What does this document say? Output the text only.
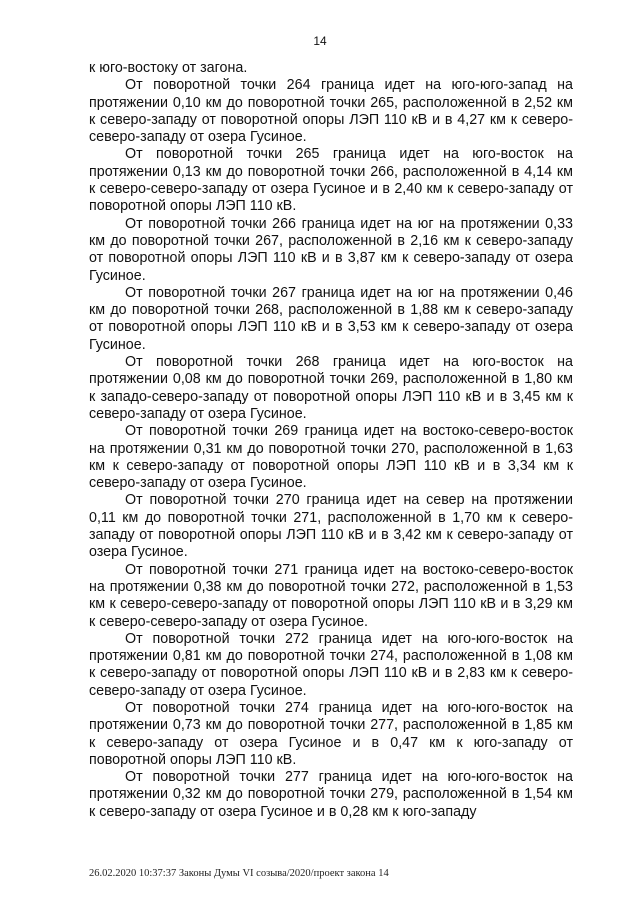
14

к юго-востоку от загона.

От поворотной точки 264 граница идет на юго-юго-запад на протяжении 0,10 км до поворотной точки 265, расположенной в 2,52 км к северо-западу от поворотной опоры ЛЭП 110 кВ и в 4,27 км к северо-северо-западу от озера Гусиное.

От поворотной точки 265 граница идет на юго-восток на протяжении 0,13 км до поворотной точки 266, расположенной в 4,14 км к северо-северо-западу от озера Гусиное и в 2,40 км к северо-западу от поворотной опоры ЛЭП 110 кВ.

От поворотной точки 266 граница идет на юг на протяжении 0,33 км до поворотной точки 267, расположенной в 2,16 км к северо-западу от поворотной опоры ЛЭП 110 кВ и в 3,87 км к северо-западу от озера Гусиное.

От поворотной точки 267 граница идет на юг на протяжении 0,46 км до поворотной точки 268, расположенной в 1,88 км к северо-западу от поворотной опоры ЛЭП 110 кВ и в 3,53 км к северо-западу от озера Гусиное.

От поворотной точки 268 граница идет на юго-восток на протяжении 0,08 км до поворотной точки 269, расположенной в 1,80 км к западо-северо-западу от поворотной опоры ЛЭП 110 кВ и в 3,45 км к северо-западу от озера Гусиное.

От поворотной точки 269 граница идет на востоко-северо-восток на протяжении 0,31 км до поворотной точки 270, расположенной в 1,63 км к северо-западу от поворотной опоры ЛЭП 110 кВ и в 3,34 км к северо-западу от озера Гусиное.

От поворотной точки 270 граница идет на север на протяжении 0,11 км до поворотной точки 271, расположенной в 1,70 км к северо-западу от поворотной опоры ЛЭП 110 кВ и в 3,42 км к северо-западу от озера Гусиное.

От поворотной точки 271 граница идет на востоко-северо-восток на протяжении 0,38 км до поворотной точки 272, расположенной в 1,53 км к северо-северо-западу от поворотной опоры ЛЭП 110 кВ и в 3,29 км к северо-северо-западу от озера Гусиное.

От поворотной точки 272 граница идет на юго-юго-восток на протяжении 0,81 км до поворотной точки 274, расположенной в 1,08 км к северо-западу от поворотной опоры ЛЭП 110 кВ и в 2,83 км к северо-северо-западу от озера Гусиное.

От поворотной точки 274 граница идет на юго-юго-восток на протяжении 0,73 км до поворотной точки 277, расположенной в 1,85 км к северо-западу от озера Гусиное и в 0,47 км к юго-западу от поворотной опоры ЛЭП 110 кВ.

От поворотной точки 277 граница идет на юго-юго-восток на протяжении 0,32 км до поворотной точки 279, расположенной в 1,54 км к северо-западу от озера Гусиное и в 0,28 км к юго-западу

26.02.2020 10:37:37 Законы Думы VI созыва/2020/проект закона 14
